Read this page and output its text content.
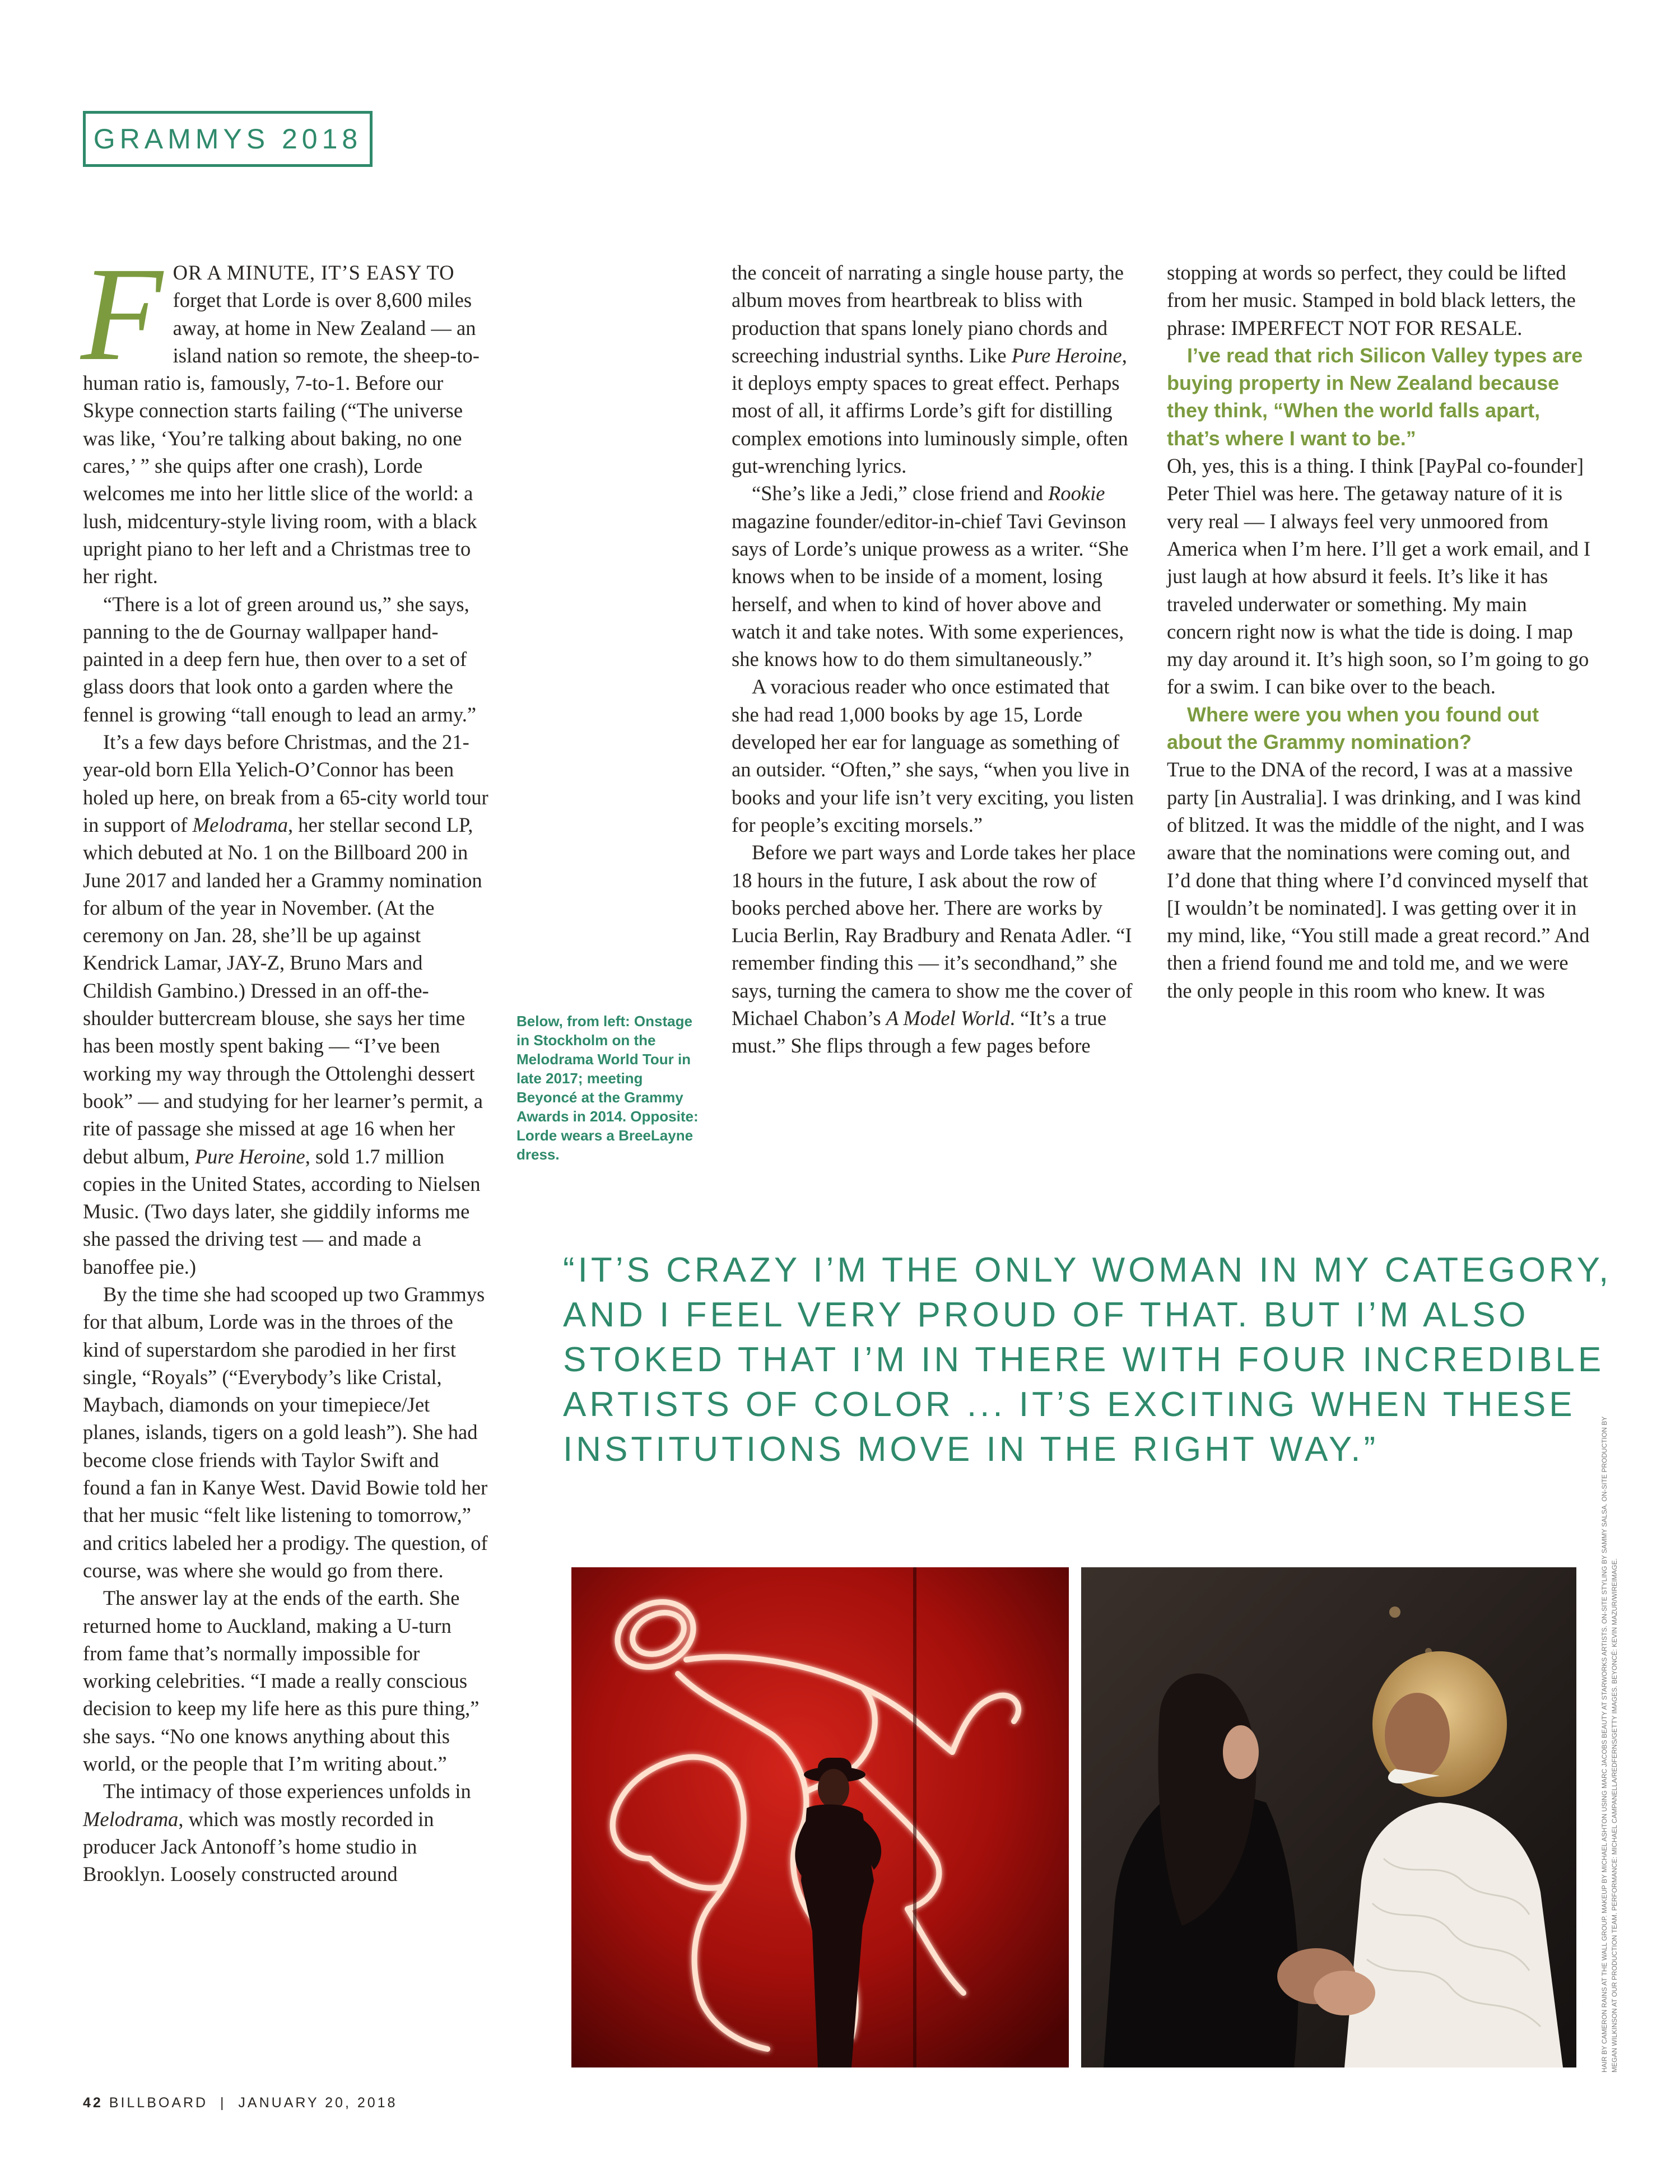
GRAMMYS 2018

FOR A MINUTE, IT’S EASY TO forget that Lorde is over 8,600 miles away, at home in New Zealand — an island nation so remote, the sheep-to-human ratio is, famously, 7-to-1. Before our Skype connection starts failing (“The universe was like, ‘You’re talking about baking, no one cares,’ ” she quips after one crash), Lorde welcomes me into her little slice of the world: a lush, midcentury-style living room, with a black upright piano to her left and a Christmas tree to her right.

“There is a lot of green around us,” she says, panning to the de Gournay wallpaper hand-painted in a deep fern hue, then over to a set of glass doors that look onto a garden where the fennel is growing “tall enough to lead an army.”

It’s a few days before Christmas, and the 21-year-old born Ella Yelich-O’Connor has been holed up here, on break from a 65-city world tour in support of Melodrama, her stellar second LP, which debuted at No. 1 on the Billboard 200 in June 2017 and landed her a Grammy nomination for album of the year in November. (At the ceremony on Jan. 28, she’ll be up against Kendrick Lamar, JAY-Z, Bruno Mars and Childish Gambino.) Dressed in an off-the-shoulder buttercream blouse, she says her time has been mostly spent baking — “I’ve been working my way through the Ottolenghi dessert book” — and studying for her learner’s permit, a rite of passage she missed at age 16 when her debut album, Pure Heroine, sold 1.7 million copies in the United States, according to Nielsen Music. (Two days later, she giddily informs me she passed the driving test — and made a banoffee pie.)

By the time she had scooped up two Grammys for that album, Lorde was in the throes of the kind of superstardom she parodied in her first single, “Royals” (“Everybody’s like Cristal, Maybach, diamonds on your timepiece/Jet planes, islands, tigers on a gold leash”). She had become close friends with Taylor Swift and found a fan in Kanye West. David Bowie told her that her music “felt like listening to tomorrow,” and critics labeled her a prodigy. The question, of course, was where she would go from there.

The answer lay at the ends of the earth. She returned home to Auckland, making a U-turn from fame that’s normally impossible for working celebrities. “I made a really conscious decision to keep my life here as this pure thing,” she says. “No one knows anything about this world, or the people that I’m writing about.”

The intimacy of those experiences unfolds in Melodrama, which was mostly recorded in producer Jack Antonoff’s home studio in Brooklyn. Loosely constructed around

Below, from left: Onstage in Stockholm on the Melodrama World Tour in late 2017; meeting Beyoncé at the Grammy Awards in 2014. Opposite: Lorde wears a BreeLayne dress.

the conceit of narrating a single house party, the album moves from heartbreak to bliss with production that spans lonely piano chords and screeching industrial synths. Like Pure Heroine, it deploys empty spaces to great effect. Perhaps most of all, it affirms Lorde’s gift for distilling complex emotions into luminously simple, often gut-wrenching lyrics.

“She’s like a Jedi,” close friend and Rookie magazine founder/editor-in-chief Tavi Gevinson says of Lorde’s unique prowess as a writer. “She knows when to be inside of a moment, losing herself, and when to kind of hover above and watch it and take notes. With some experiences, she knows how to do them simultaneously.”

A voracious reader who once estimated that she had read 1,000 books by age 15, Lorde developed her ear for language as something of an outsider. “Often,” she says, “when you live in books and your life isn’t very exciting, you listen for people’s exciting morsels.”

Before we part ways and Lorde takes her place 18 hours in the future, I ask about the row of books perched above her. There are works by Lucia Berlin, Ray Bradbury and Renata Adler. “I remember finding this — it’s secondhand,” she says, turning the camera to show me the cover of Michael Chabon’s A Model World. “It’s a true must.” She flips through a few pages before

stopping at words so perfect, they could be lifted from her music. Stamped in bold black letters, the phrase: IMPERFECT NOT FOR RESALE.

I’ve read that rich Silicon Valley types are buying property in New Zealand because they think, “When the world falls apart, that’s where I want to be.”

Oh, yes, this is a thing. I think [PayPal co-founder] Peter Thiel was here. The getaway nature of it is very real — I always feel very unmoored from America when I’m here. I’ll get a work email, and I just laugh at how absurd it feels. It’s like it has traveled underwater or something. My main concern right now is what the tide is doing. I map my day around it. It’s high soon, so I’m going to go for a swim. I can bike over to the beach.

Where were you when you found out about the Grammy nomination?

True to the DNA of the record, I was at a massive party [in Australia]. I was drinking, and I was kind of blitzed. It was the middle of the night, and I was aware that the nominations were coming out, and I’d done that thing where I’d convinced myself that [I wouldn’t be nominated]. I was getting over it in my mind, like, “You still made a great record.” And then a friend found me and told me, and we were the only people in this room who knew. It was

“IT’S CRAZY I’M THE ONLY WOMAN IN MY CATEGORY,
AND I FEEL VERY PROUD OF THAT. BUT I’M ALSO
STOKED THAT I’M IN THERE WITH FOUR INCREDIBLE
ARTISTS OF COLOR ... IT’S EXCITING WHEN THESE
INSTITUTIONS MOVE IN THE RIGHT WAY.”	HAIR BY CAMERON RAINS AT THE WALL GROUP. MAKEUP BY MICHAEL ASHTON USING MARC JACOBS BEAUTY AT STARWORKS ARTISTS. ON-SITE STYLING BY SAMMY SALSA. ON-SITE PRODUCTION BY MEGAN WILKINSON AT OUR PRODUCTION TEAM. PERFORMANCE: MICHAEL CAMPANELLA/REDFERNS/GETTY IMAGES. BEYONCÉ: KEVIN MAZUR/WIREIMAGE.
42 BILLBOARD | JANUARY 20, 2018
